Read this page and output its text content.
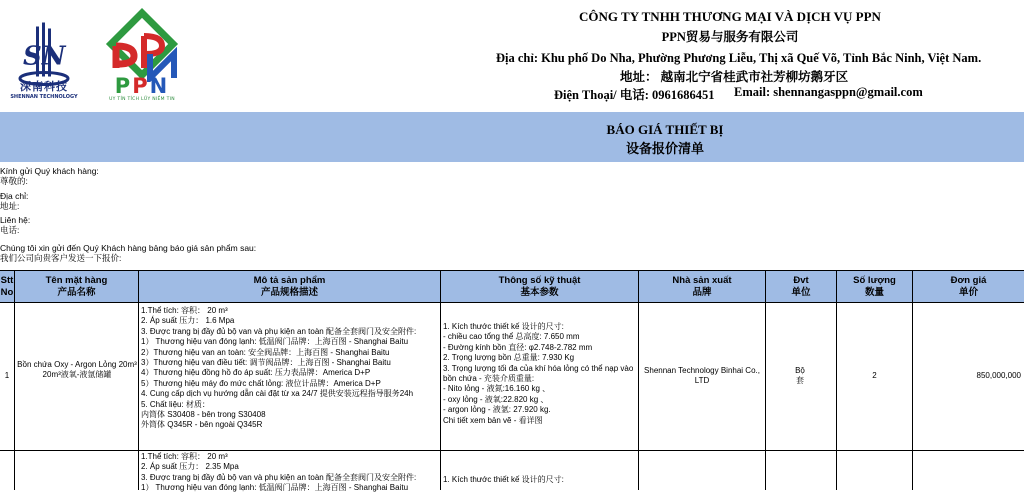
SN
深南科技
SHENNAN TECHNOLOGY PPN
UY TÍN TÍCH LŨY NIỀM TIN
CÔNG TY TNHH THƯƠNG MẠI VÀ DỊCH VỤ PPN
PPN贸易与服务有限公司
Địa chỉ: Khu phố Do Nha, Phường Phương Liễu, Thị xã Quế Võ, Tỉnh Bắc Ninh, Việt Nam.
地址： 越南北宁省桂武市社芳柳坊鹅牙区
Điện Thoại/ 电话: 0961686451 Email: shennangasppn@gmail.com
BÁO GIÁ THIẾT BỊ
设备报价清单
Kính gửi Quý khách hàng:
尊敬的:
Địa chỉ:
地址:
Liên hệ:
电话:
Chúng tôi xin gửi đến Quý Khách hàng bảng báo giá sản phẩm sau:
我们公司向贵客户发送一下报价:
Stt
No
Tên mặt hàng
产品名称
Mô tả sản phẩm
产品规格描述
Thông số kỹ thuật
基本参数
Nhà sản xuất
品牌
Đvt
单位
Số lượng
数量
Đơn giá
单价
1
Bồn chứa Oxy - Argon Lỏng 20m³ 20m³液氧-液氩储罐
1.Thể tích: 容积： 20 m³
2. Áp suất 压力： 1.6 Mpa
3. Được trang bị đầy đủ bộ van và phụ kiện an toàn 配备全套阀门及安全附件:
1） Thương hiệu van đóng lạnh: 低温阀门品牌：上海百图 - Shanghai Baitu
2）Thương hiệu van an toàn: 安全阀品牌：上海百图 - Shanghai Baitu
3）Thương hiệu van điều tiết: 调节阀品牌：上海百图 - Shanghai Baitu
4）Thương hiệu đồng hồ đo áp suất: 压力表品牌：America D+P
5）Thương hiệu máy đo mức chất lỏng: 液位计品牌：America D+P
4. Cung cấp dịch vụ hướng dẫn cài đặt từ xa 24/7 提供安装远程指导服务24h
5. Chất liệu: 材质：
内筒体 S30408 - bên trong S30408
外筒体 Q345R - bên ngoài Q345R
1. Kích thước thiết kế 设计的尺寸:
- chiều cao tổng thể 总高度: 7.650 mm
- Đường kính bồn 直径: φ2.748-2.782 mm
2. Trọng lượng bồn 总重量: 7.930 Kg
3. Trọng lượng tối đa của khí hóa lỏng có thể nạp vào bồn chứa - 充装介质重量:
- Nito lỏng - 液氮:16.160 kg 、
- oxy lỏng - 液氧:22.820 kg 、
- argon lỏng - 液氩: 27.920 kg.
Chi tiết xem bản vẽ - 看详图
Shennan Technology Binhai Co., LTD
Bộ 套
2	850,000,000
1.Thể tích: 容积： 20 m³
2. Áp suất 压力： 2.35 Mpa
3. Được trang bị đầy đủ bộ van và phụ kiện an toàn 配备全套阀门及安全附件:
1） Thương hiệu van đóng lạnh: 低温阀门品牌：上海百图 - Shanghai Baitu
1. Kích thước thiết kế 设计的尺寸:
